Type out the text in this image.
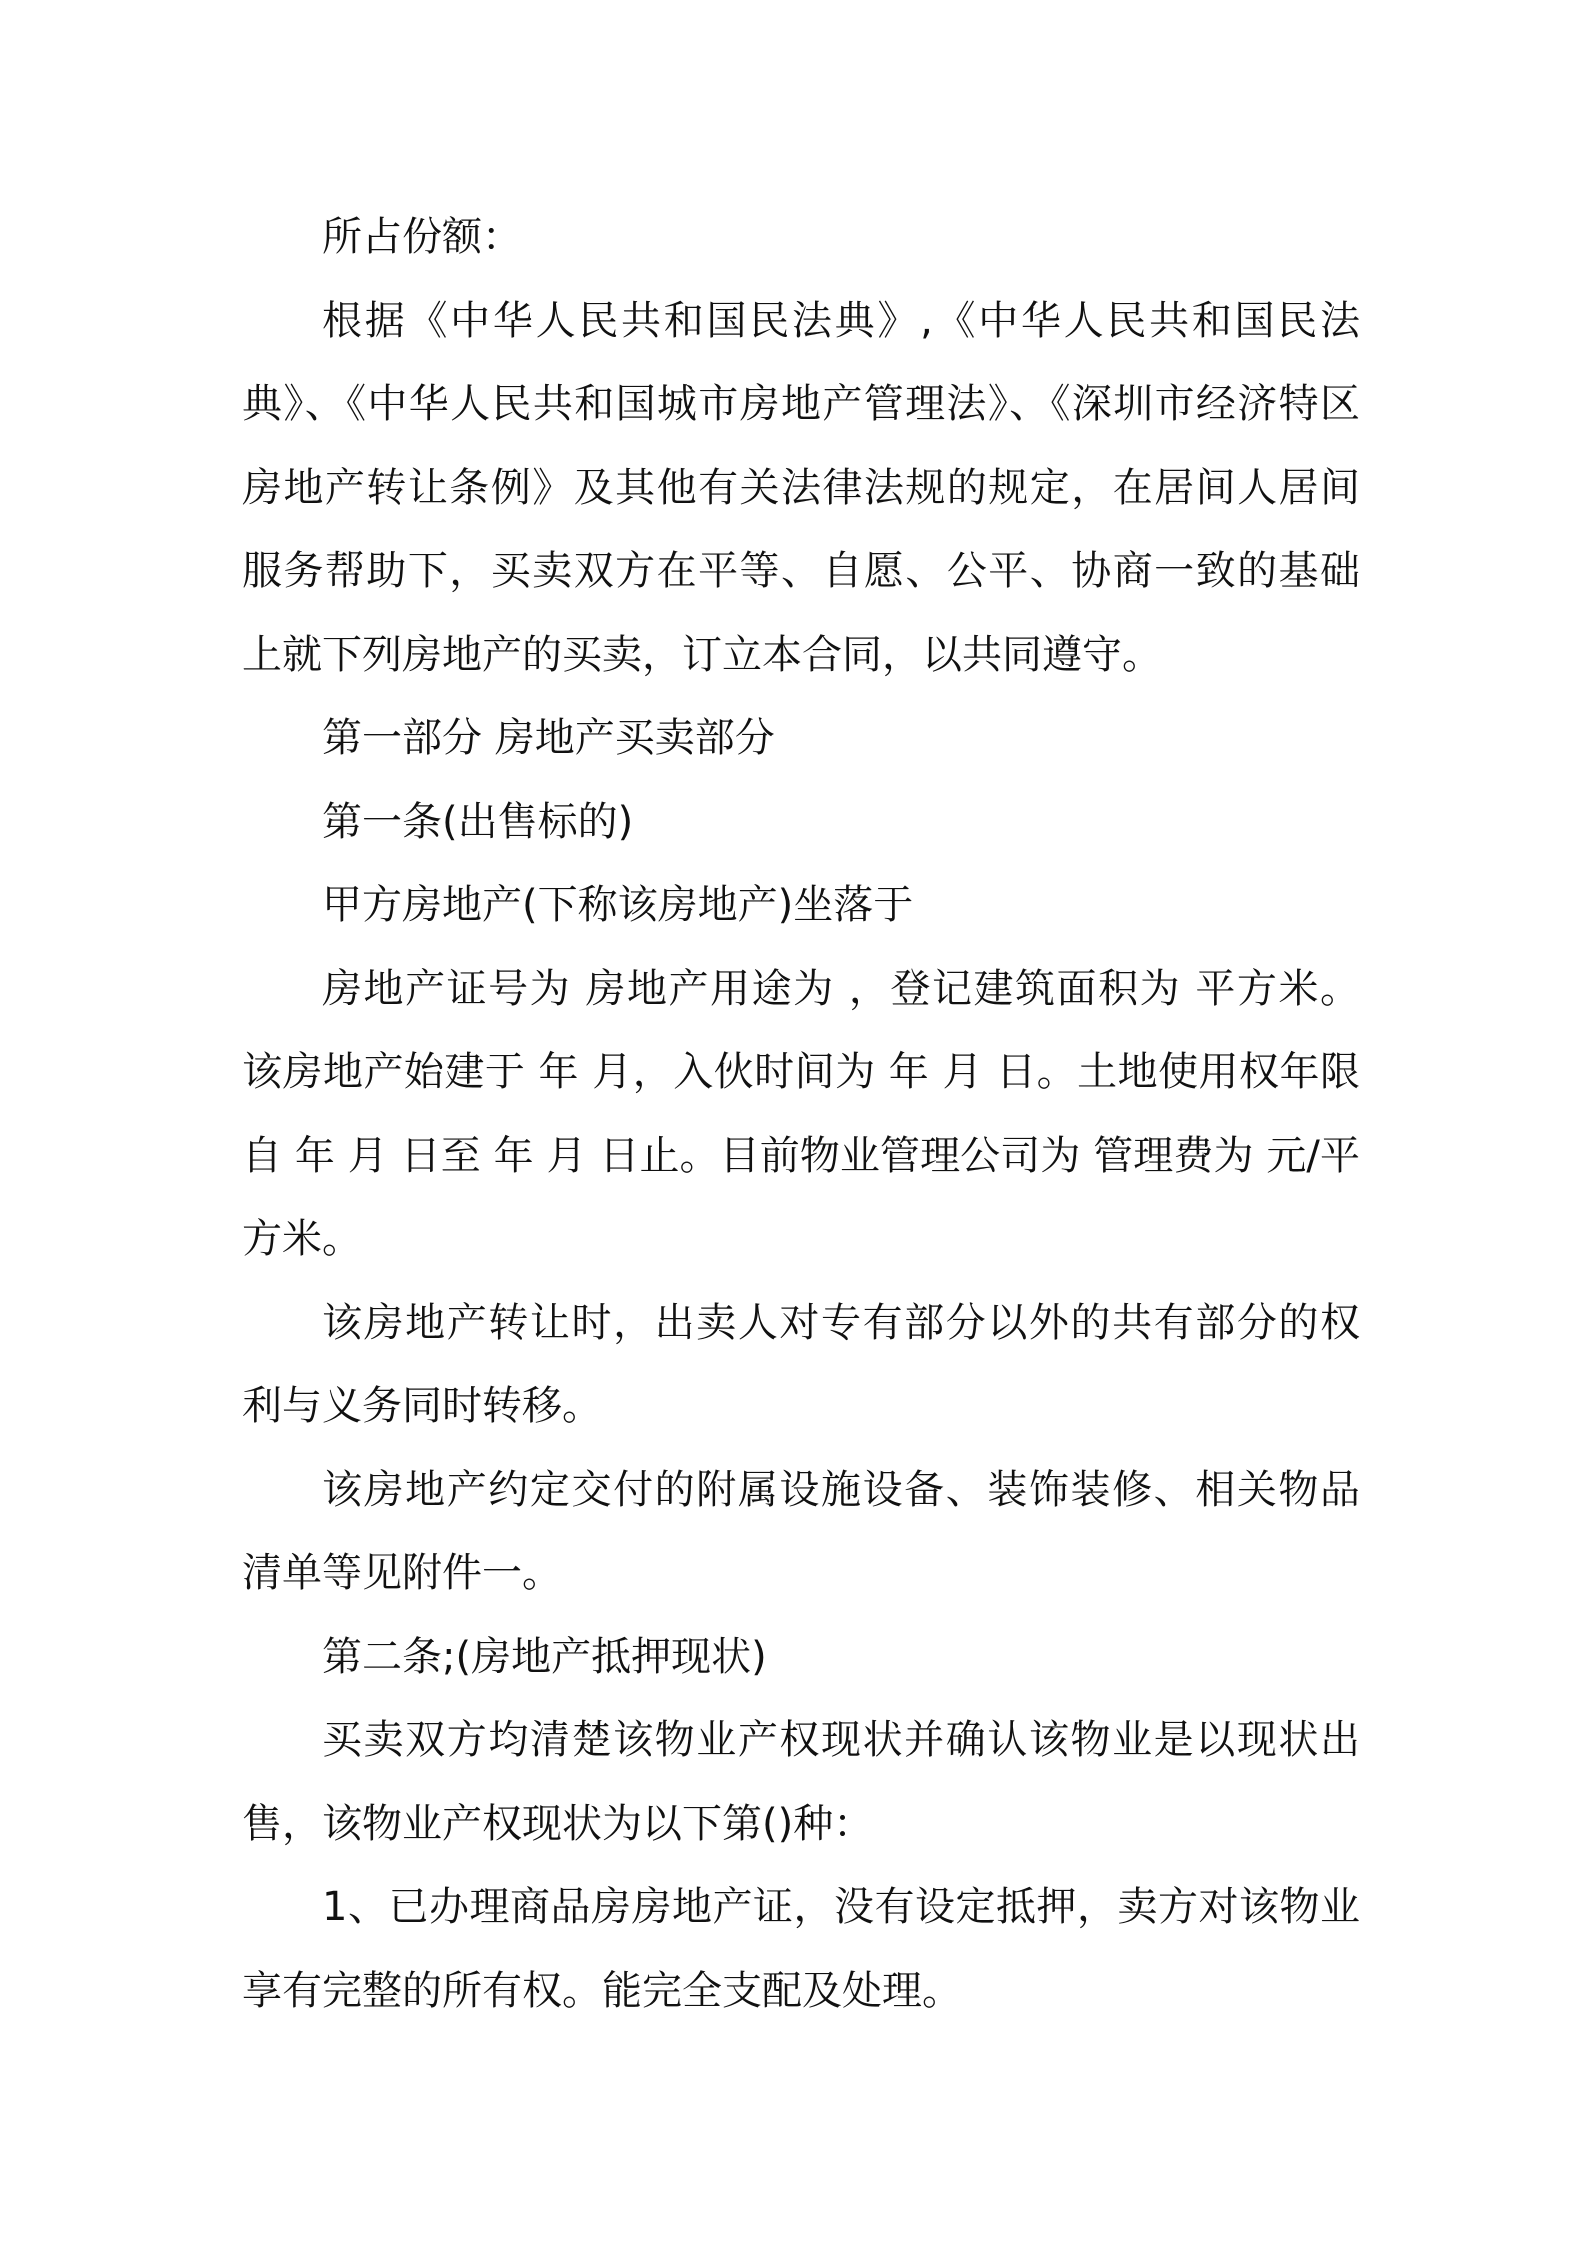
所占份额：

根据《中华人民共和国民法典》,《中华人民共和国民法典》、《中华人民共和国城市房地产管理法》、《深圳市经济特区房地产转让条例》及其他有关法律法规的规定，在居间人居间服务帮助下，买卖双方在平等、自愿、公平、协商一致的基础上就下列房地产的买卖，订立本合同，以共同遵守。

第一部分 房地产买卖部分

第一条(出售标的)

甲方房地产(下称该房地产)坐落于

房地产证号为 房地产用途为 ，登记建筑面积为 平方米。该房地产始建于 年 月，入伙时间为 年 月 日。土地使用权年限自 年 月 日至 年 月 日止。目前物业管理公司为 管理费为 元/平方米。

该房地产转让时，出卖人对专有部分以外的共有部分的权利与义务同时转移。

该房地产约定交付的附属设施设备、装饰装修、相关物品清单等见附件一。

第二条;(房地产抵押现状)

买卖双方均清楚该物业产权现状并确认该物业是以现状出售，该物业产权现状为以下第()种：

1、已办理商品房房地产证，没有设定抵押，卖方对该物业享有完整的所有权。能完全支配及处理。
